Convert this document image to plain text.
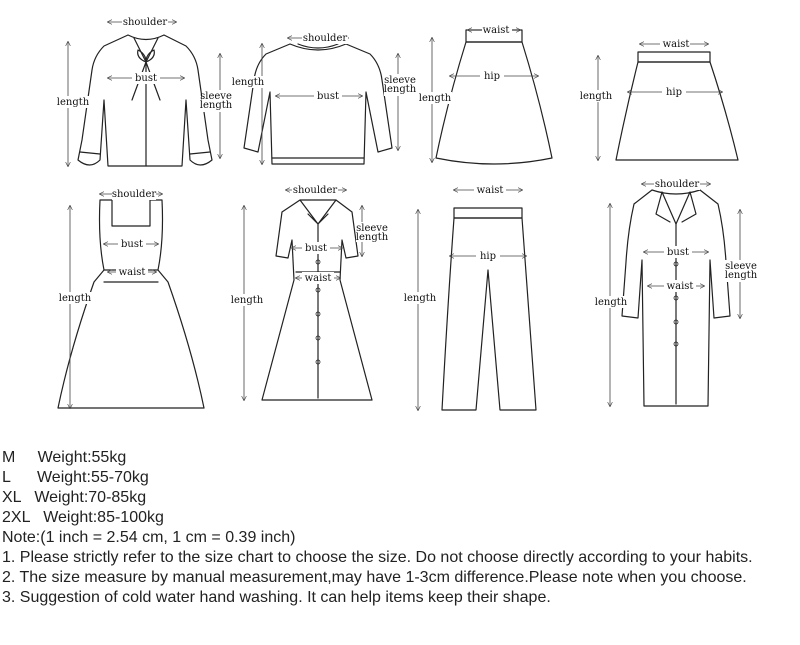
shoulder
bust
length
sleeve
length
shoulder
bust
length	sleeve
length
waist
hip
length
waist
hip
length
shoulder
bust
waist
length
shoulder
bust
waist
length
sleeve
length
waist
hip
length
shoulder
bust
waist
length
sleeve
length
M Weight:55kg
L Weight:55-70kg
XL Weight:70-85kg
2XL Weight:85-100kg
Note:(1 inch = 2.54 cm, 1 cm = 0.39 inch)
1. Please strictly refer to the size chart to choose the size. Do not choose directly according to your habits.
2. The size measure by manual measurement,may have 1-3cm difference.Please note when you choose.
3. Suggestion of cold water hand washing. It can help items keep their shape.
